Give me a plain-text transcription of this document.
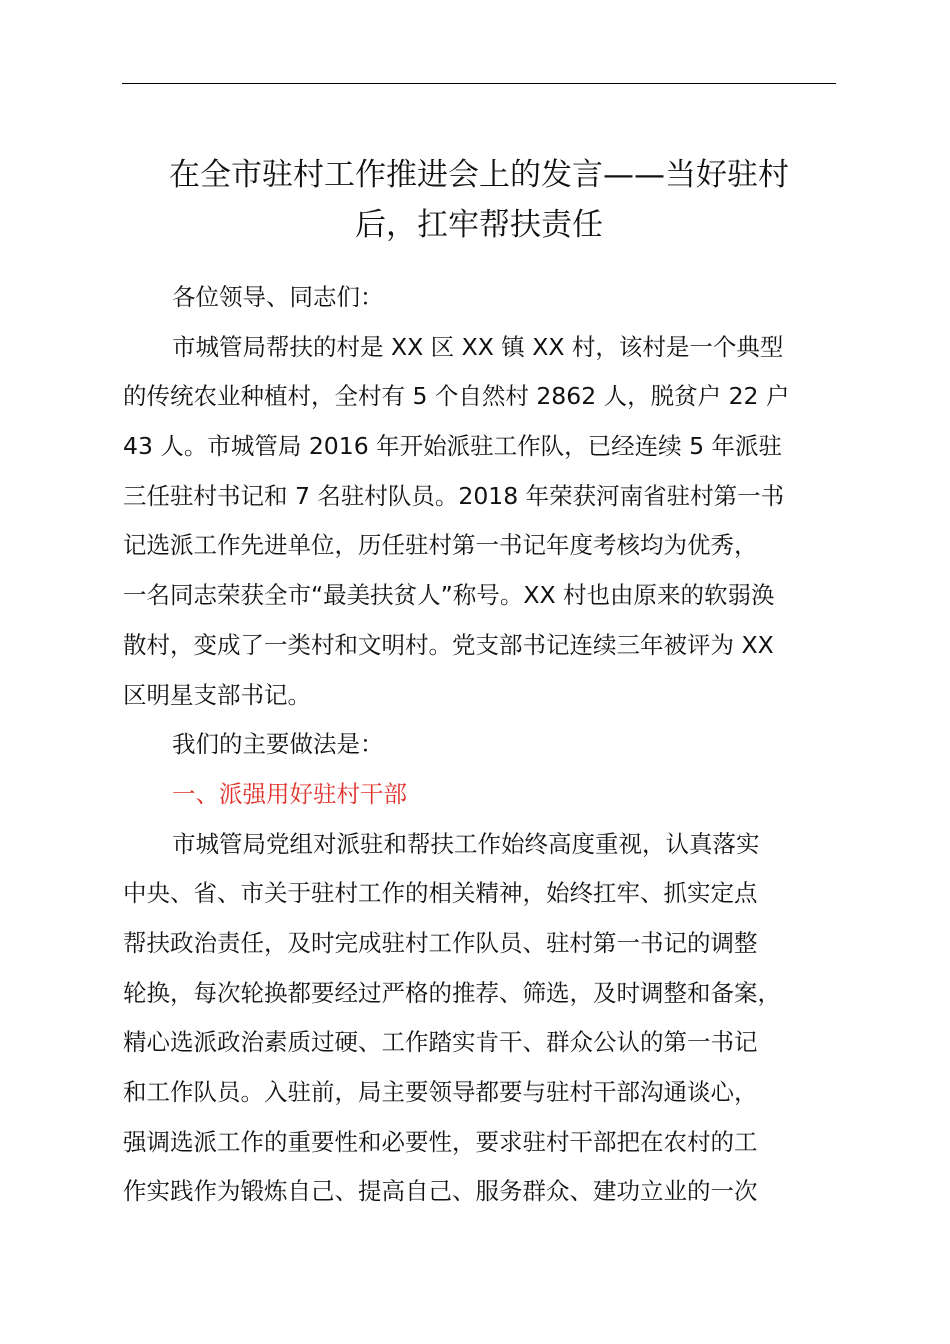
在全市驻村工作推进会上的发言——当好驻村
后，扛牢帮扶责任
各位领导、同志们：
市城管局帮扶的村是 XX 区 XX 镇 XX 村，该村是一个典型
的传统农业种植村，全村有 5 个自然村 2862 人，脱贫户 22 户
43 人。市城管局 2016 年开始派驻工作队，已经连续 5 年派驻
三任驻村书记和 7 名驻村队员。2018 年荣获河南省驻村第一书
记选派工作先进单位，历任驻村第一书记年度考核均为优秀，
一名同志荣获全市“最美扶贫人”称号。XX 村也由原来的软弱涣
散村，变成了一类村和文明村。党支部书记连续三年被评为 XX
区明星支部书记。
我们的主要做法是：
一、派强用好驻村干部
市城管局党组对派驻和帮扶工作始终高度重视，认真落实
中央、省、市关于驻村工作的相关精神，始终扛牢、抓实定点
帮扶政治责任，及时完成驻村工作队员、驻村第一书记的调整
轮换，每次轮换都要经过严格的推荐、筛选，及时调整和备案，
精心选派政治素质过硬、工作踏实肯干、群众公认的第一书记
和工作队员。入驻前，局主要领导都要与驻村干部沟通谈心，
强调选派工作的重要性和必要性，要求驻村干部把在农村的工
作实践作为锻炼自己、提高自己、服务群众、建功立业的一次
